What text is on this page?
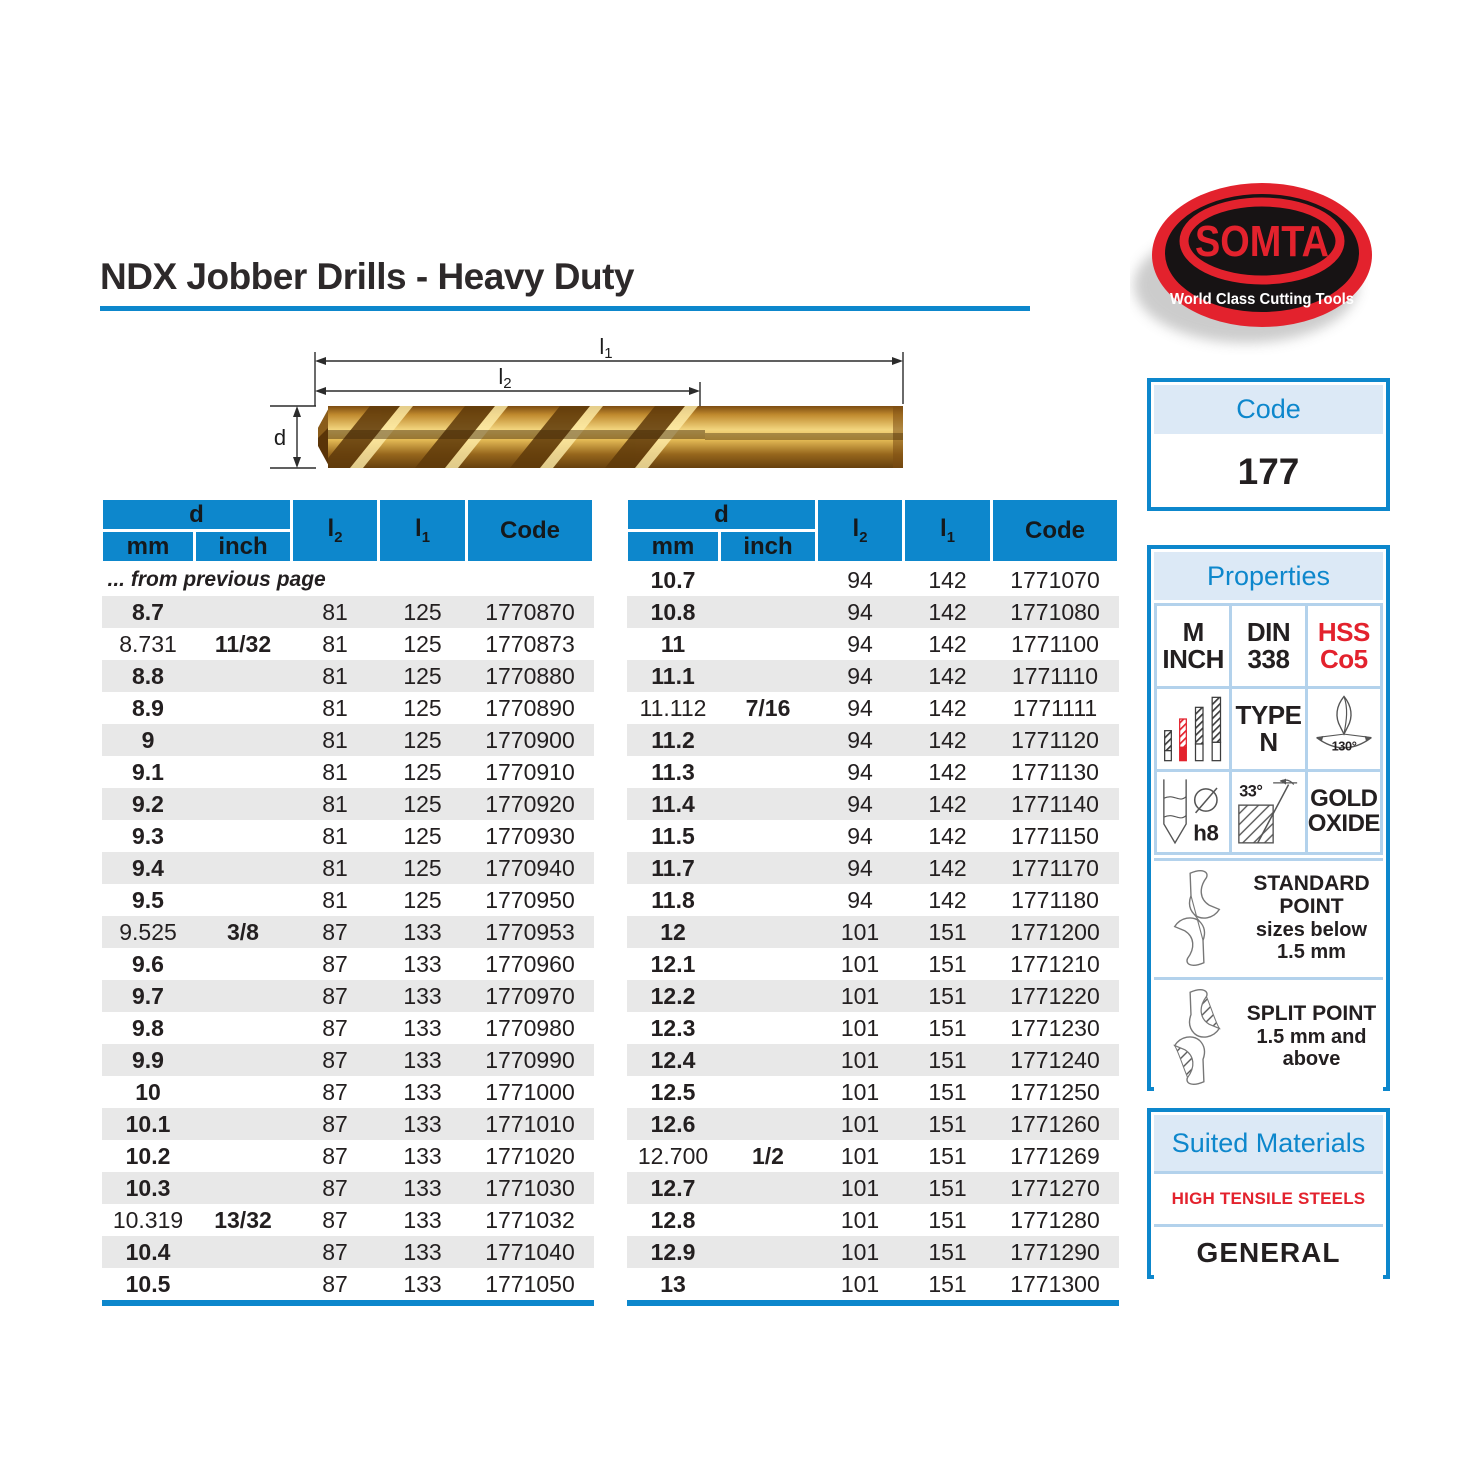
NDX Jobber Drills - Heavy Duty
SOMTA
World Class Cutting Tools
l1
l2
d
d		$l_2$	$l_1$	Code
mm	inch			
... from previous page				
8.7		81	125	1770870
8.731	11/32	81	125	1770873
8.8		81	125	1770880
8.9		81	125	1770890
9		81	125	1770900
9.1		81	125	1770910
9.2		81	125	1770920
9.3		81	125	1770930
9.4		81	125	1770940
9.5		81	125	1770950
9.525	3/8	87	133	1770953
9.6		87	133	1770960
9.7		87	133	1770970
9.8		87	133	1770980
9.9		87	133	1770990
10		87	133	1771000
10.1		87	133	1771010
10.2		87	133	1771020
10.3		87	133	1771030
10.319	13/32	87	133	1771032
10.4		87	133	1771040
10.5		87	133	1771050
d		$l_2$	$l_1$	Code
mm	inch			
10.7		94	142	1771070
10.8		94	142	1771080
11		94	142	1771100
11.1		94	142	1771110
11.112	7/16	94	142	1771111
11.2		94	142	1771120
11.3		94	142	1771130
11.4		94	142	1771140
11.5		94	142	1771150
11.7		94	142	1771170
11.8		94	142	1771180
12		101	151	1771200
12.1		101	151	1771210
12.2		101	151	1771220
12.3		101	151	1771230
12.4		101	151	1771240
12.5		101	151	1771250
12.6		101	151	1771260
12.700	1/2	101	151	1771269
12.7		101	151	1771270
12.8		101	151	1771280
12.9		101	151	1771290
13		101	151	1771300
Code
177
Properties
M
INCH
DIN
338
HSS
Co5
TYPE
N	130°
h8
33° GOLD
OXIDE
STANDARD
POINT
sizes below
1.5 mm
SPLIT POINT
1.5 mm and
above
Suited Materials
HIGH TENSILE STEELS
GENERAL
